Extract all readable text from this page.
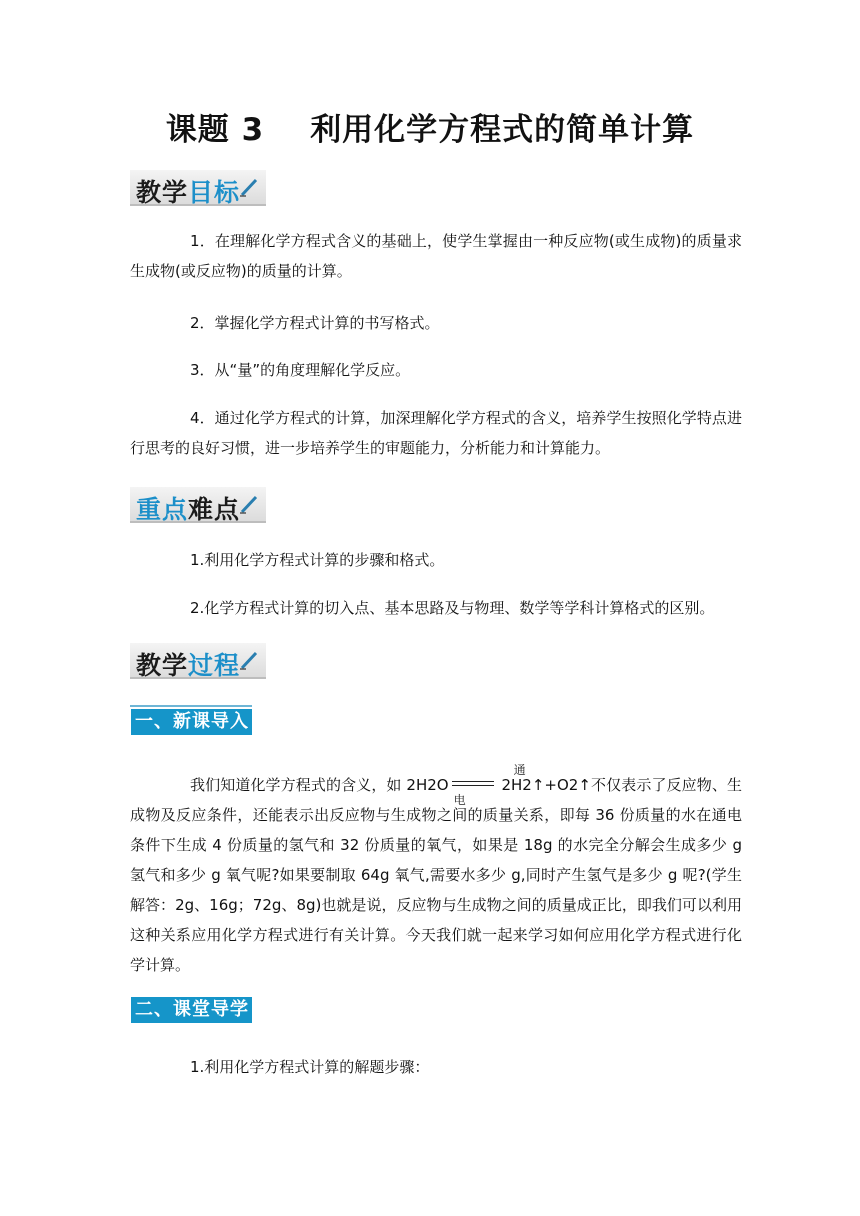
课题 3 利用化学方程式的简单计算
教学目标
1．在理解化学方程式含义的基础上，使学生掌握由一种反应物(或生成物)的质量求生成物(或反应物)的质量的计算。
2．掌握化学方程式计算的书写格式。
3．从“量”的角度理解化学反应。
4．通过化学方程式的计算，加深理解化学方程式的含义，培养学生按照化学特点进行思考的良好习惯，进一步培养学生的审题能力，分析能力和计算能力。
重点难点
1.利用化学方程式计算的步骤和格式。
2.化学方程式计算的切入点、基本思路及与物理、数学等学科计算格式的区别。
教学过程
一、新课导入
我们知道化学方程式的含义，如 2H2O
通电
2H2↑+O2↑不仅表示了反应物、生成物及反应条件，还能表示出反应物与生成物之间的质量关系，即每 36 份质量的水在通电条件下生成 4 份质量的氢气和 32 份质量的氧气，如果是 18g 的水完全分解会生成多少 g 氢气和多少 g 氧气呢?如果要制取 64g 氧气,需要水多少 g,同时产生氢气是多少 g 呢?(学生解答：2g、16g；72g、8g)也就是说，反应物与生成物之间的质量成正比，即我们可以利用这种关系应用化学方程式进行有关计算。今天我们就一起来学习如何应用化学方程式进行化学计算。
二、课堂导学
1.利用化学方程式计算的解题步骤：
